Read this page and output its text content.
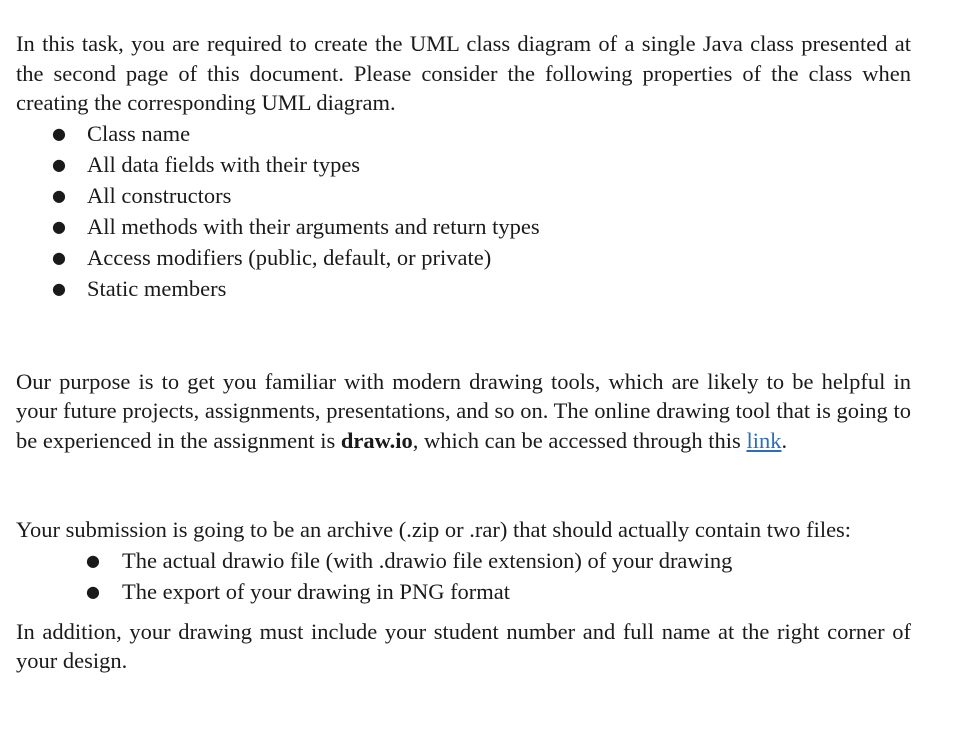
In this task, you are required to create the UML class diagram of a single Java class presented at the second page of this document. Please consider the following properties of the class when creating the corresponding UML diagram.

● Class name
● All data fields with their types
● All constructors
● All methods with their arguments and return types
● Access modifiers (public, default, or private)
● Static members

Our purpose is to get you familiar with modern drawing tools, which are likely to be helpful in your future projects, assignments, presentations, and so on. The online drawing tool that is going to be experienced in the assignment is draw.io, which can be accessed through this link.

Your submission is going to be an archive (.zip or .rar) that should actually contain two files:

● The actual drawio file (with .drawio file extension) of your drawing
● The export of your drawing in PNG format

In addition, your drawing must include your student number and full name at the right corner of your design.
